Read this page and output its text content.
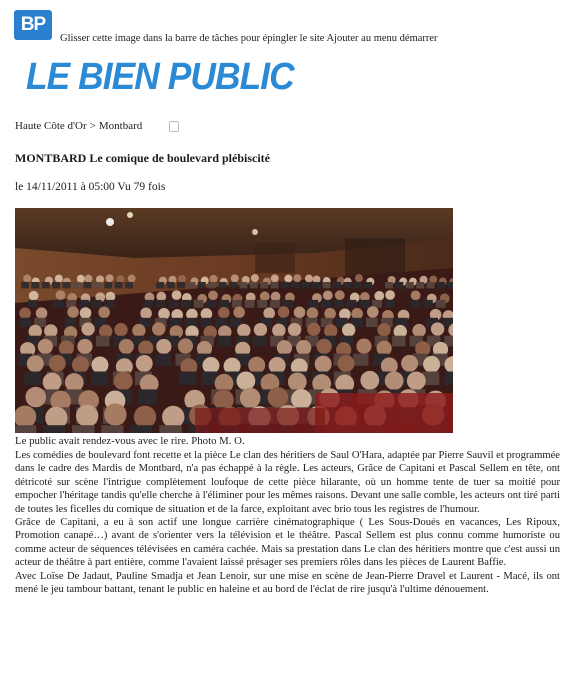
BP
Glisser cette image dans la barre de tâches pour épingler le site Ajouter au menu démarrer
LE BIEN PUBLIC
Haute Côte d'Or > Montbard
MONTBARD Le comique de boulevard plébiscité
le 14/11/2011 à 05:00 Vu 79 fois
Le public avait rendez-vous avec le rire. Photo M. O.

Les comédies de boulevard font recette et la pièce Le clan des héritiers de Saul O'Hara, adaptée par Pierre Sauvil et programmée dans le cadre des Mardis de Montbard, n'a pas échappé à la règle. Les acteurs, Grâce de Capitani et Pascal Sellem en tête, ont détricoté sur scène l'intrigue complètement loufoque de cette pièce hilarante, où un homme tente de tuer sa moitié pour empocher l'héritage tandis qu'elle cherche à l'éliminer pour les mêmes raisons. Devant une salle comble, les acteurs ont tiré parti de toutes les ficelles du comique de situation et de la farce, exploitant avec brio tous les registres de l'humour.

Grâce de Capitani, a eu à son actif une longue carrière cinématographique ( Les Sous-Doués en vacances, Les Ripoux, Promotion canapé…) avant de s'orienter vers la télévision et le théâtre. Pascal Sellem est plus connu comme humoriste ou comme acteur de séquences télévisées en caméra cachée. Mais sa prestation dans Le clan des héritiers montre que c'est aussi un acteur de théâtre à part entière, comme l'avaient laissé présager ses premiers rôles dans les pièces de Laurent Baffie.

Avec Loïse De Jadaut, Pauline Smadja et Jean Lenoir, sur une mise en scène de Jean-Pierre Dravel et Laurent - Macé, ils ont mené le jeu tambour battant, tenant le public en haleine et au bord de l'éclat de rire jusqu'à l'ultime dénouement.
